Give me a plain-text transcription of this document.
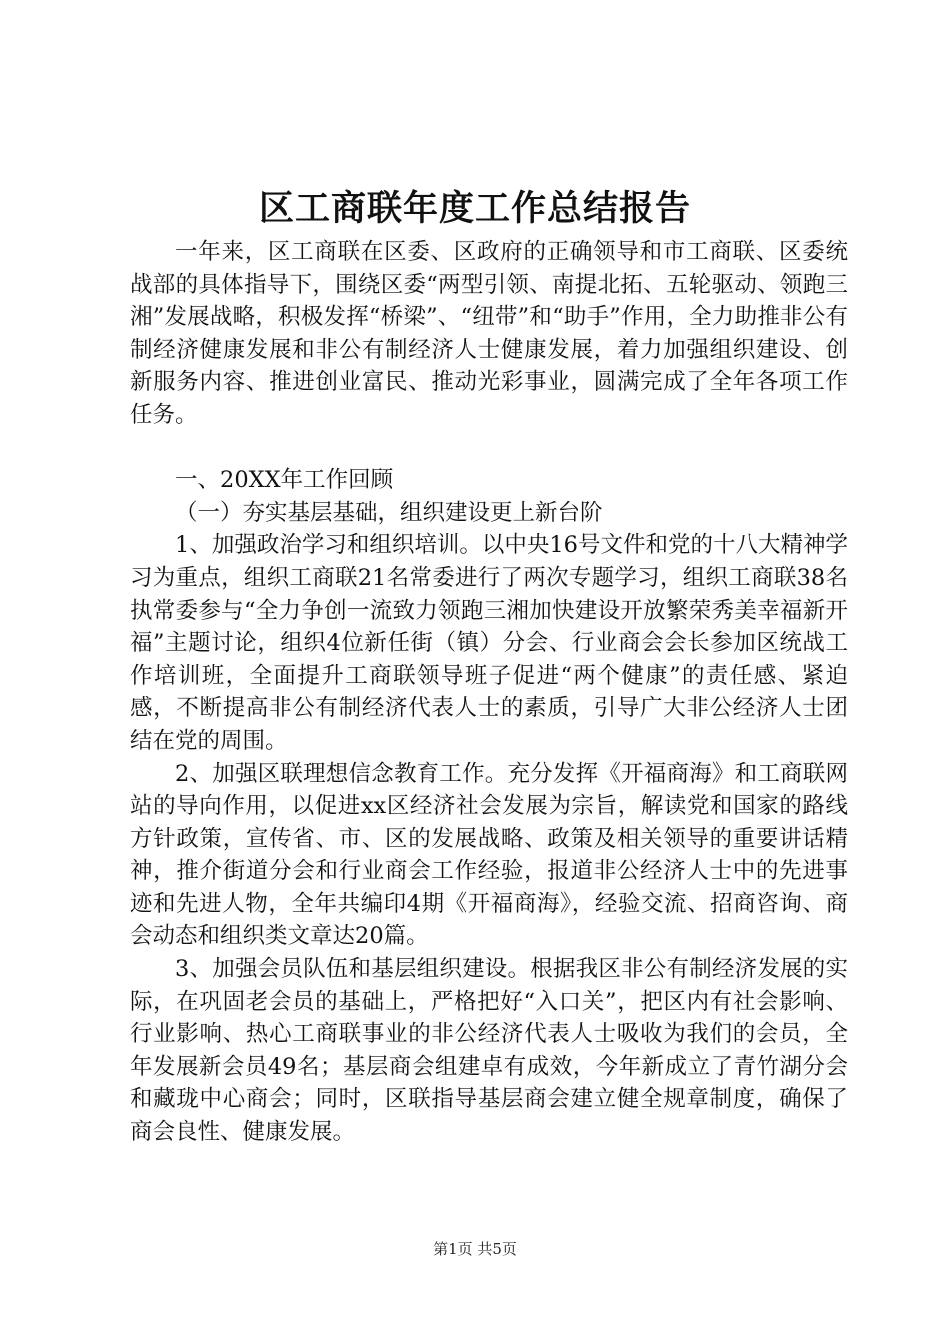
区工商联年度工作总结报告

一年来，区工商联在区委、区政府的正确领导和市工商联、区委统战部的具体指导下，围绕区委“两型引领、南提北拓、五轮驱动、领跑三湘”发展战略，积极发挥“桥梁”、“纽带”和“助手”作用，全力助推非公有制经济健康发展和非公有制经济人士健康发展，着力加强组织建设、创新服务内容、推进创业富民、推动光彩事业，圆满完成了全年各项工作任务。

一、20XX年工作回顾

（一）夯实基层基础，组织建设更上新台阶

1、加强政治学习和组织培训。以中央16号文件和党的十八大精神学习为重点，组织工商联21名常委进行了两次专题学习，组织工商联38名执常委参与“全力争创一流致力领跑三湘加快建设开放繁荣秀美幸福新开福”主题讨论，组织4位新任街（镇）分会、行业商会会长参加区统战工作培训班，全面提升工商联领导班子促进“两个健康”的责任感、紧迫感，不断提高非公有制经济代表人士的素质，引导广大非公经济人士团结在党的周围。

2、加强区联理想信念教育工作。充分发挥《开福商海》和工商联网站的导向作用，以促进xx区经济社会发展为宗旨，解读党和国家的路线方针政策，宣传省、市、区的发展战略、政策及相关领导的重要讲话精神，推介街道分会和行业商会工作经验，报道非公经济人士中的先进事迹和先进人物，全年共编印4期《开福商海》，经验交流、招商咨询、商会动态和组织类文章达20篇。

3、加强会员队伍和基层组织建设。根据我区非公有制经济发展的实际，在巩固老会员的基础上，严格把好“入口关”，把区内有社会影响、行业影响、热心工商联事业的非公经济代表人士吸收为我们的会员，全年发展新会员49名；基层商会组建卓有成效，今年新成立了青竹湖分会和藏珑中心商会；同时，区联指导基层商会建立健全规章制度，确保了商会良性、健康发展。

第1页 共5页
